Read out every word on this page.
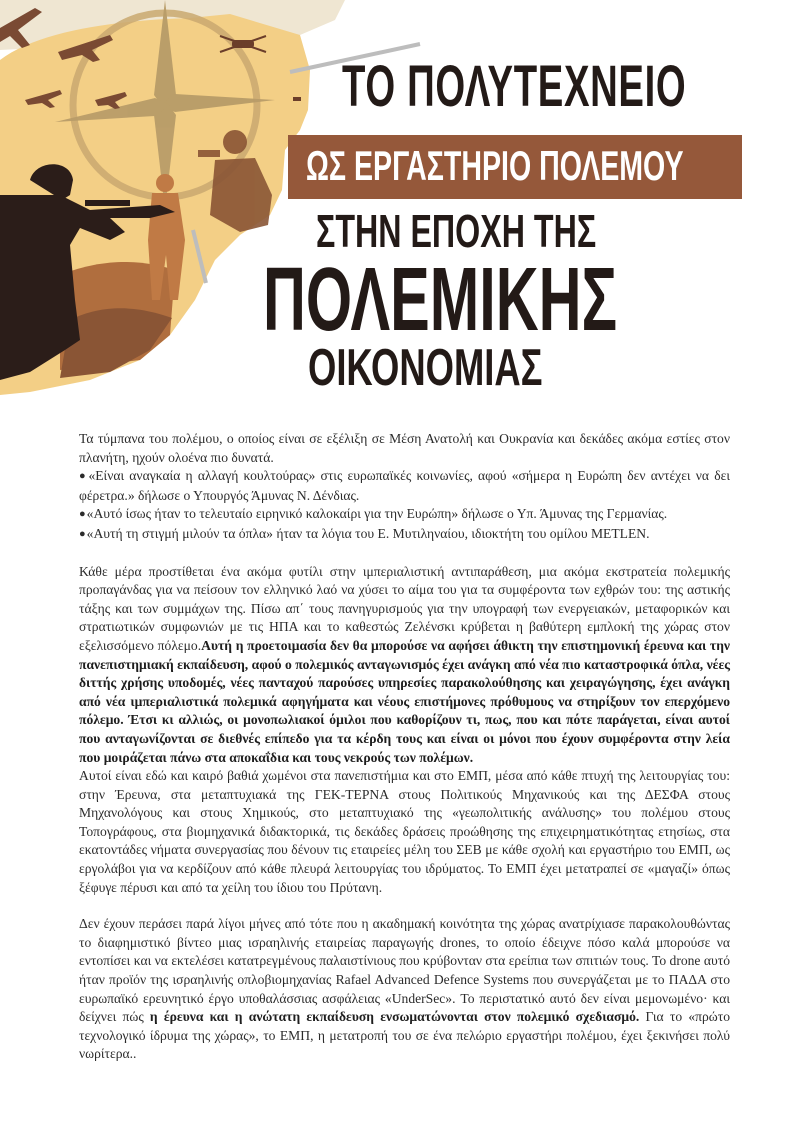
ΤΟ ΠΟΛΥΤΕΧΝΕΙΟ
ΩΣ ΕΡΓΑΣΤΗΡΙΟ ΠΟΛΕΜΟΥ
ΣΤΗΝ ΕΠΟΧΗ ΤΗΣ
ΠΟΛΕΜΙΚΗΣ
ΟΙΚΟΝΟΜΙΑΣ

Τα τύμπανα του πολέμου, ο οποίος είναι σε εξέλιξη σε Μέση Ανατολή και Ουκρανία και δεκάδες ακόμα εστίες στον πλανήτη, ηχούν ολοένα πιο δυνατά.

● «Είναι αναγκαία η αλλαγή κουλτούρας» στις ευρωπαϊκές κοινωνίες, αφού «σήμερα η Ευρώπη δεν αντέχει να δει φέρετρα.» δήλωσε ο Υπουργός Άμυνας Ν. Δένδιας.

● «Αυτό ίσως ήταν το τελευταίο ειρηνικό καλοκαίρι για την Ευρώπη» δήλωσε ο Υπ. Άμυνας της Γερμανίας.

● «Αυτή τη στιγμή μιλούν τα όπλα» ήταν τα λόγια του Ε. Μυτιληναίου, ιδιοκτήτη του ομίλου METLEN.

Κάθε μέρα προστίθεται ένα ακόμα φυτίλι στην ιμπεριαλιστική αντιπαράθεση, μια ακόμα εκστρατεία πολεμικής προπαγάνδας για να πείσουν τον ελληνικό λαό να χύσει το αίμα του για τα συμφέροντα των εχθρών του: της αστικής τάξης και των συμμάχων της. Πίσω απ΄ τους πανηγυρισμούς για την υπογραφή των ενεργειακών, μεταφορικών και στρατιωτικών συμφωνιών με τις ΗΠΑ και το καθεστώς Ζελένσκι κρύβεται η βαθύτερη εμπλοκή της χώρας στον εξελισσόμενο πόλεμο.Αυτή η προετοιμασία δεν θα μπορούσε να αφήσει άθικτη την επιστημονική έρευνα και την πανεπιστημιακή εκπαίδευση, αφού ο πολεμικός ανταγωνισμός έχει ανάγκη από νέα πιο καταστροφικά όπλα, νέες διττής χρήσης υποδομές, νέες πανταχού παρούσες υπηρεσίες παρακολούθησης και χειραγώγησης, έχει ανάγκη από νέα ιμπεριαλιστικά πολεμικά αφηγήματα και νέους επιστήμονες πρόθυμους να στηρίξουν τον επερχόμενο πόλεμο. Έτσι κι αλλιώς, οι μονοπωλιακοί όμιλοι που καθορίζουν τι, πως, που και πότε παράγεται, είναι αυτοί που ανταγωνίζονται σε διεθνές επίπεδο για τα κέρδη τους και είναι οι μόνοι που έχουν συμφέροντα στην λεία που μοιράζεται πάνω στα αποκαΐδια και τους νεκρούς των πολέμων.

Αυτοί είναι εδώ και καιρό βαθιά χωμένοι στα πανεπιστήμια και στο ΕΜΠ, μέσα από κάθε πτυχή της λειτουργίας του: στην Έρευνα, στα μεταπτυχιακά της ΓΕΚ-ΤΕΡΝΑ στους Πολιτικούς Μηχανικούς και της ΔΕΣΦΑ στους Μηχανολόγους και στους Χημικούς, στο μεταπτυχιακό της «γεωπολιτικής ανάλυσης» του πολέμου στους Τοπογράφους, στα βιομηχανικά διδακτορικά, τις δεκάδες δράσεις προώθησης της επιχειρηματικότητας ετησίως, στα εκατοντάδες νήματα συνεργασίας που δένουν τις εταιρείες μέλη του ΣΕΒ με κάθε σχολή και εργαστήριο του ΕΜΠ, ως εργολάβοι για να κερδίζουν από κάθε πλευρά λειτουργίας του ιδρύματος. Το ΕΜΠ έχει μετατραπεί σε «μαγαζί» όπως ξέφυγε πέρυσι και από τα χείλη του ίδιου του Πρύτανη.

Δεν έχουν περάσει παρά λίγοι μήνες από τότε που η ακαδημακή κοινότητα της χώρας ανατρίχιασε παρακολουθώντας το διαφημιστικό βίντεο μιας ισραηλινής εταιρείας παραγωγής drones, το οποίο έδειχνε πόσο καλά μπορούσε να εντοπίσει και να εκτελέσει κατατρεγμένους παλαιστίνιους που κρύβονταν στα ερείπια των σπιτιών τους. Το drone αυτό ήταν προϊόν της ισραηλινής οπλοβιομηχανίας Rafael Advanced Defence Systems που συνεργάζεται με το ΠΑΔΑ στο ευρωπαϊκό ερευνητικό έργο υποθαλάσσιας ασφάλειας «UnderSec». Το περιστατικό αυτό δεν είναι μεμονωμένο· και δείχνει πώς η έρευνα και η ανώτατη εκπαίδευση ενσωματώνονται στον πολεμικό σχεδιασμό. Για το «πρώτο τεχνολογικό ίδρυμα της χώρας», το ΕΜΠ, η μετατροπή του σε ένα πελώριο εργαστήρι πολέμου, έχει ξεκινήσει πολύ νωρίτερα..
